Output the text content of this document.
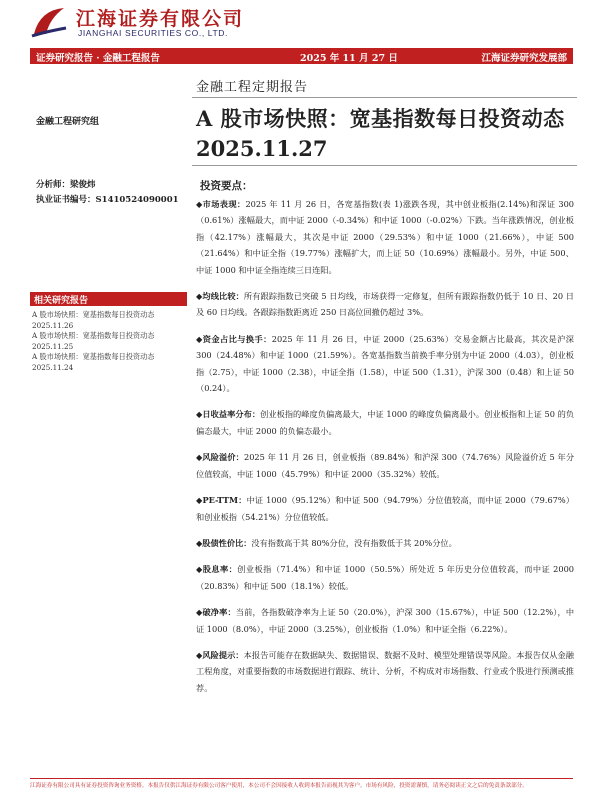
江海证券有限公司
JIANGHAI SECURITIES CO., LTD.
证券研究报告 · 金融工程报告	2025 年 11 月 27 日	江海证券研究发展部
金融工程定期报告
金融工程研究组	A 股市场快照：宽基指数每日投资动态
2025.11.27
分析师：梁俊炜
执业证书编号：S1410524090001
相关研究报告

A 股市场快照：宽基指数每日投资动态 2025.11.26

A 股市场快照：宽基指数每日投资动态 2025.11.25

A 股市场快照：宽基指数每日投资动态 2025.11.24

投资要点：

◆市场表现：2025 年 11 月 26 日，各宽基指数(表 1)涨跌各现，其中创业板指(2.14%)和深证 300（0.61%）涨幅最大，而中证 2000（-0.34%）和中证 1000（-0.02%）下跌。当年涨跌情况，创业板指（42.17%）涨幅最大，其次是中证 2000（29.53%）和中证 1000（21.66%），中证 500（21.64%）和中证全指（19.77%）涨幅扩大，而上证 50（10.69%）涨幅最小。另外，中证 500、中证 1000 和中证全指连续三日连阳。

◆均线比较：所有跟踪指数已突破 5 日均线，市场获得一定修复，但所有跟踪指数仍低于 10 日、20 日及 60 日均线。各跟踪指数距离近 250 日高位回撤仍超过 3%。

◆资金占比与换手：2025 年 11 月 26 日，中证 2000（25.63%）交易金额占比最高，其次是沪深 300（24.48%）和中证 1000（21.59%）。各宽基指数当前换手率分别为中证 2000（4.03），创业板指（2.75），中证 1000（2.38），中证全指（1.58），中证 500（1.31），沪深 300（0.48）和上证 50（0.24）。

◆日收益率分布：创业板指的峰度负偏离最大，中证 1000 的峰度负偏离最小。创业板指和上证 50 的负偏态最大，中证 2000 的负偏态最小。

◆风险溢价：2025 年 11 月 26 日，创业板指（89.84%）和沪深 300（74.76%）风险溢价近 5 年分位值较高，中证 1000（45.79%）和中证 2000（35.32%）较低。

◆PE-TTM：中证 1000（95.12%）和中证 500（94.79%）分位值较高，而中证 2000（79.67%）和创业板指（54.21%）分位值较低。

◆股债性价比：没有指数高于其 80%分位，没有指数低于其 20%分位。

◆股息率：创业板指（71.4%）和中证 1000（50.5%）所处近 5 年历史分位值较高，而中证 2000（20.83%）和中证 500（18.1%）较低。

◆破净率：当前，各指数破净率为上证 50（20.0%），沪深 300（15.67%），中证 500（12.2%），中证 1000（8.0%），中证 2000（3.25%），创业板指（1.0%）和中证全指（6.22%）。

◆风险提示：本报告可能存在数据缺失、数据错误、数据不及时、模型处理错误等风险。本报告仅从金融工程角度，对重要指数的市场数据进行跟踪、统计、分析，不构成对市场指数、行业或个股进行预测或推荐。

江海证券有限公司具有证券投资咨询业务资格。本报告仅供江海证券有限公司客户使用，本公司不会因接收人收到本报告而视其为客户。市场有风险，投资需谨慎。请务必阅读正文之后的免责条款部分。
